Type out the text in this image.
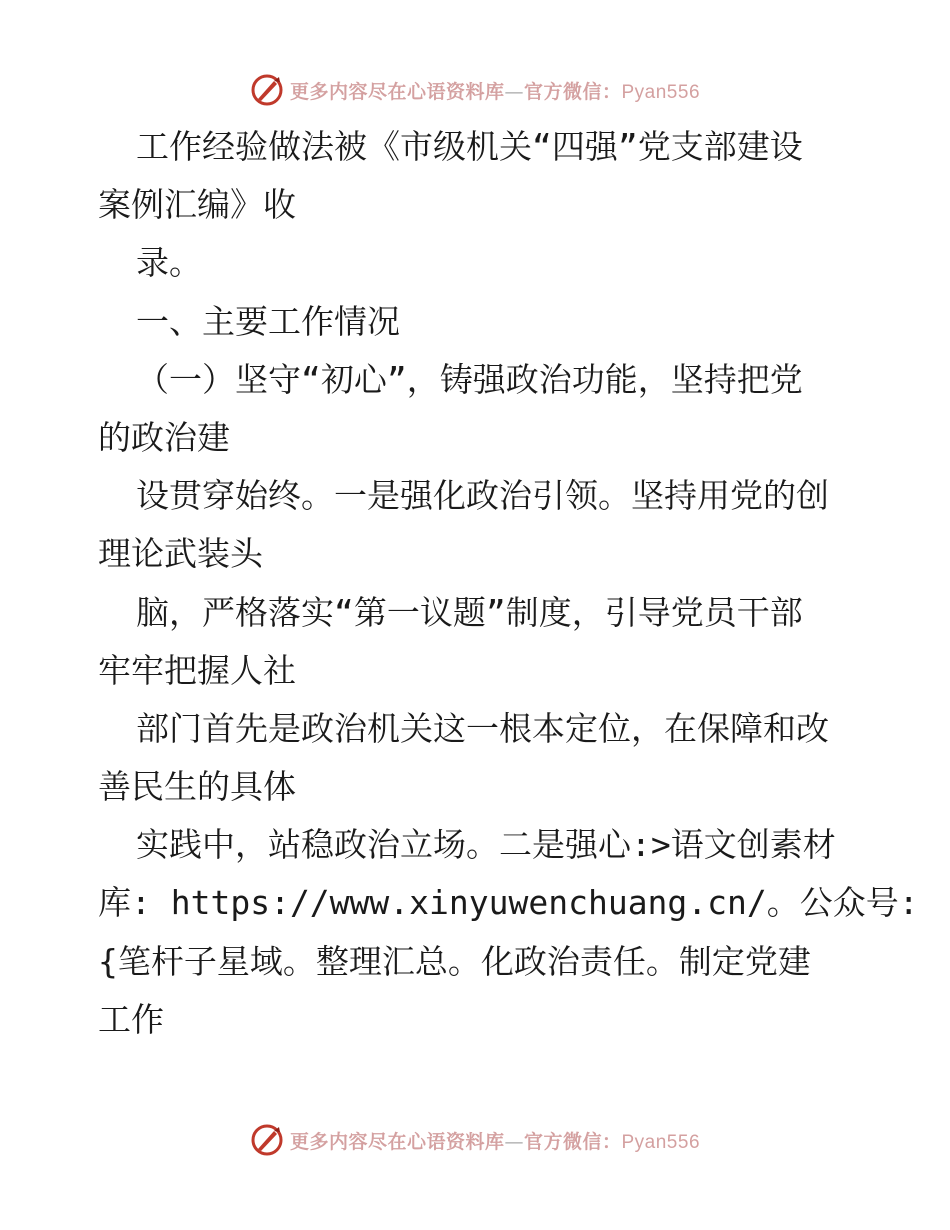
更多内容尽在心语资料库—官方微信：Pyan556
工作经验做法被《市级机关“四强”党支部建设
案例汇编》收
录。
一、主要工作情况
（一）坚守“初心”，铸强政治功能，坚持把党
的政治建
设贯穿始终。一是强化政治引领。坚持用党的创
理论武装头
脑，严格落实“第一议题”制度，引导党员干部
牢牢把握人社
部门首先是政治机关这一根本定位，在保障和改
善民生的具体
实践中，站稳政治立场。二是强心:>语文创素材
库: https://www.xinyuwenchuang.cn/。公众号:
{笔杆子星域。整理汇总。化政治责任。制定党建
工作
更多内容尽在心语资料库—官方微信：Pyan556
